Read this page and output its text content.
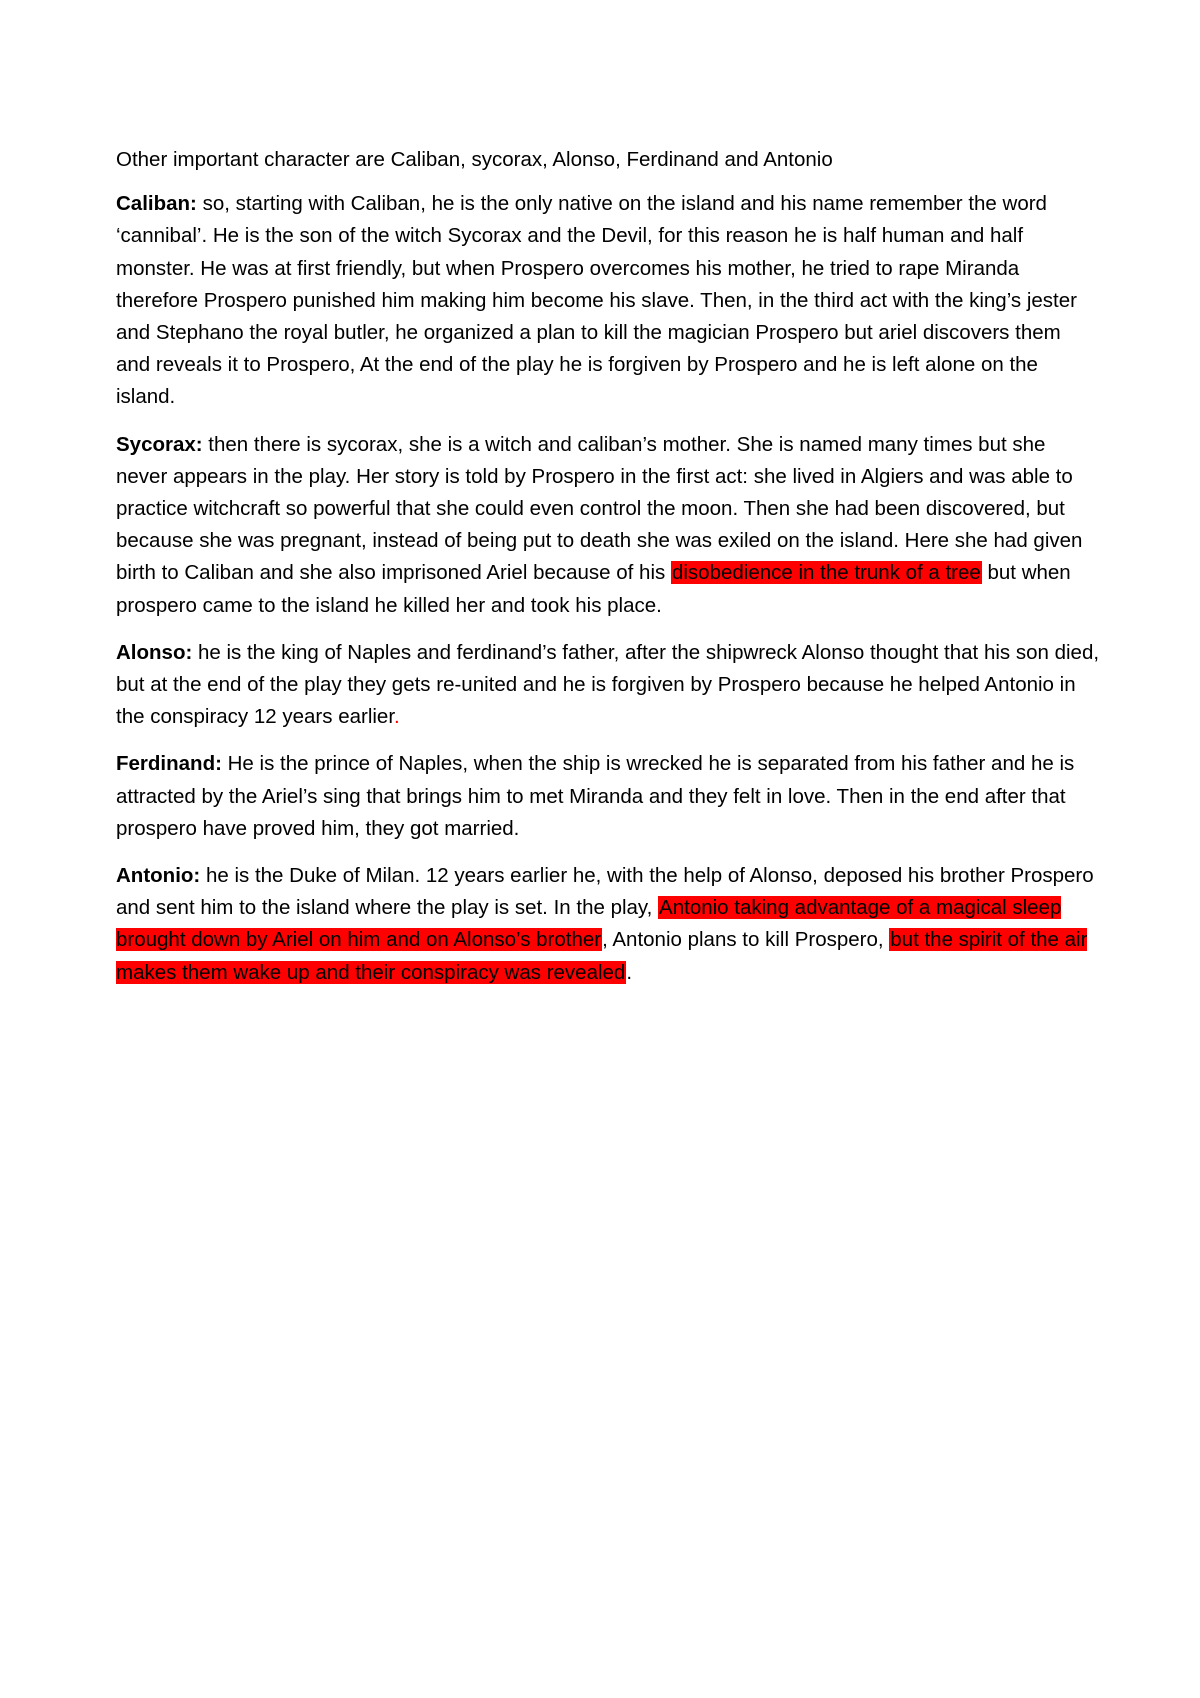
Other important character are Caliban, sycorax, Alonso, Ferdinand and Antonio

Caliban: so, starting with Caliban, he is the only native on the island and his name remember the word ‘cannibal’. He is the son of the witch Sycorax and the Devil, for this reason he is half human and half monster. He was at first friendly, but when Prospero overcomes his mother, he tried to rape Miranda therefore Prospero punished him making him become his slave. Then, in the third act with the king’s jester and Stephano the royal butler, he organized a plan to kill the magician Prospero but ariel discovers them and reveals it to Prospero, At the end of the play he is forgiven by Prospero and he is left alone on the island.

Sycorax: then there is sycorax, she is a witch and caliban’s mother. She is named many times but she never appears in the play. Her story is told by Prospero in the first act: she lived in Algiers and was able to practice witchcraft so powerful that she could even control the moon. Then she had been discovered, but because she was pregnant, instead of being put to death she was exiled on the island. Here she had given birth to Caliban and she also imprisoned Ariel because of his disobedience in the trunk of a tree but when prospero came to the island he killed her and took his place.

Alonso: he is the king of Naples and ferdinand’s father, after the shipwreck Alonso thought that his son died, but at the end of the play they gets re-united and he is forgiven by Prospero because he helped Antonio in the conspiracy 12 years earlier.

Ferdinand: He is the prince of Naples, when the ship is wrecked he is separated from his father and he is attracted by the Ariel’s sing that brings him to met Miranda and they felt in love. Then in the end after that prospero have proved him, they got married.

Antonio: he is the Duke of Milan. 12 years earlier he, with the help of Alonso, deposed his brother Prospero and sent him to the island where the play is set. In the play, Antonio taking advantage of a magical sleep brought down by Ariel on him and on Alonso’s brother, Antonio plans to kill Prospero, but the spirit of the air makes them wake up and their conspiracy was revealed.
